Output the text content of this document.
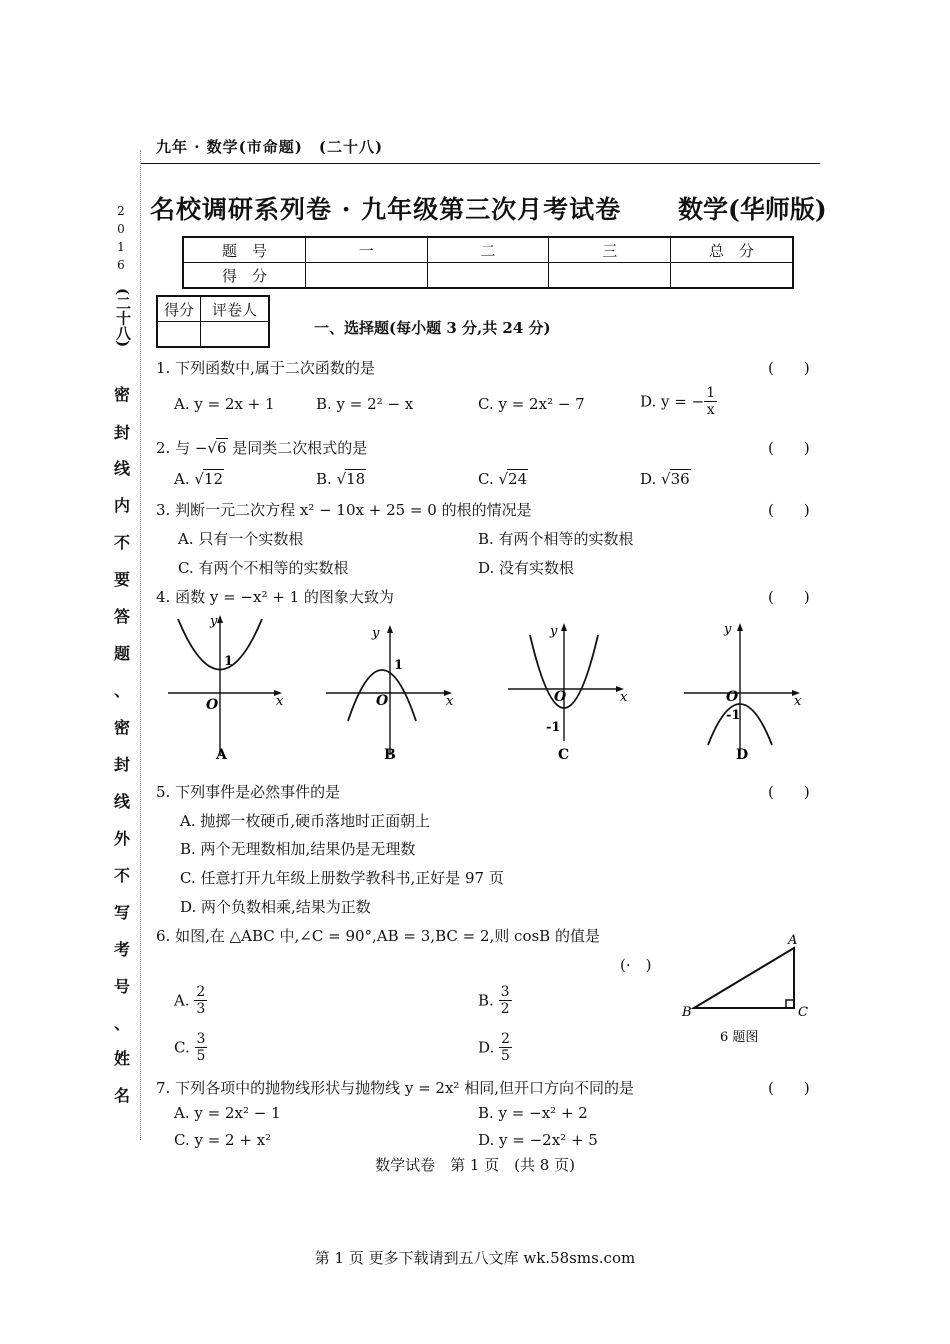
九年 · 数学(市命题)　(二十八)
2
0
1
6
(二十八)
密
封
线
内
不
要
答
题
、
密
封
线
外
不
写
考
号
、
姓
名
名校调研系列卷 · 九年级第三次月考试卷 数学(华师版)
题　号	一	二	三	总　分
得　分				
得分	评卷人

一、选择题(每小题 3 分,共 24 分)
1. 下列函数中,属于二次函数的是	(　　)
A. y = 2x + 1	B. y = 2² − x	C. y = 2x² − 7	D. y = − $\frac{1}{x}$
2. 与 −√6 是同类二次根式的是	(　　)
A. √12	B. √18	C. √24	D. √36
3. 判断一元二次方程 x² − 10x + 25 = 0 的根的情况是	(　　)
A. 只有一个实数根	B. 有两个相等的实数根
C. 有两个不相等的实数根	D. 没有实数根
4. 函数 y = −x² + 1 的图象大致为	(　　)
y
x
O
1
A
y
x
O
1
B
y
x
O
-1
C
y
x
O
-1
D
5. 下列事件是必然事件的是	(　　)
A. 抛掷一枚硬币,硬币落地时正面朝上
B. 两个无理数相加,结果仍是无理数
C. 任意打开九年级上册数学教科书,正好是 97 页
D. 两个负数相乘,结果为正数
6. 如图,在 △ABC 中,∠C = 90°,AB = 3,BC = 2,则 cosB 的值是
(·　)
A. $\frac{2}{3}$	B. $\frac{3}{2}$
C. $\frac{3}{5}$	D. $\frac{2}{5}$
A
B	C
6 题图
7. 下列各项中的抛物线形状与抛物线 y = 2x² 相同,但开口方向不同的是	(　　)
A. y = 2x² − 1	B. y = −x² + 2
C. y = 2 + x²	D. y = −2x² + 5
数学试卷　第 1 页　(共 8 页)
第 1 页 更多下载请到五八文库 wk.58sms.com
